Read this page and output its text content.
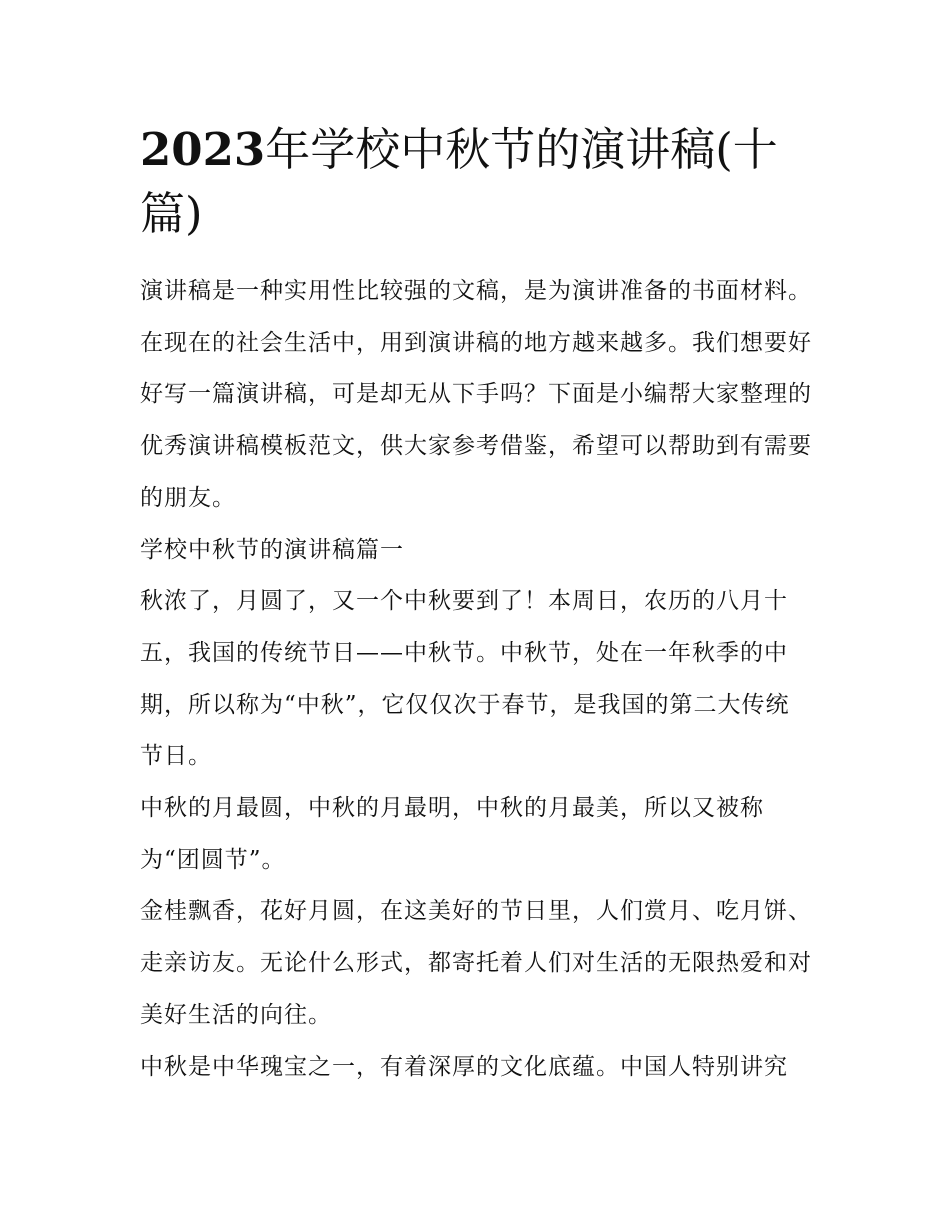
2023年学校中秋节的演讲稿(十篇)

演讲稿是一种实用性比较强的文稿，是为演讲准备的书面材料。在现在的社会生活中，用到演讲稿的地方越来越多。我们想要好好写一篇演讲稿，可是却无从下手吗？下面是小编帮大家整理的优秀演讲稿模板范文，供大家参考借鉴，希望可以帮助到有需要的朋友。

学校中秋节的演讲稿篇一

秋浓了，月圆了，又一个中秋要到了！本周日，农历的八月十五，我国的传统节日——中秋节。中秋节，处在一年秋季的中期，所以称为“中秋”，它仅仅次于春节，是我国的第二大传统节日。

中秋的月最圆，中秋的月最明，中秋的月最美，所以又被称为“团圆节”。

金桂飘香，花好月圆，在这美好的节日里，人们赏月、吃月饼、走亲访友。无论什么形式，都寄托着人们对生活的无限热爱和对美好生活的向往。

中秋是中华瑰宝之一，有着深厚的文化底蕴。中国人特别讲究
